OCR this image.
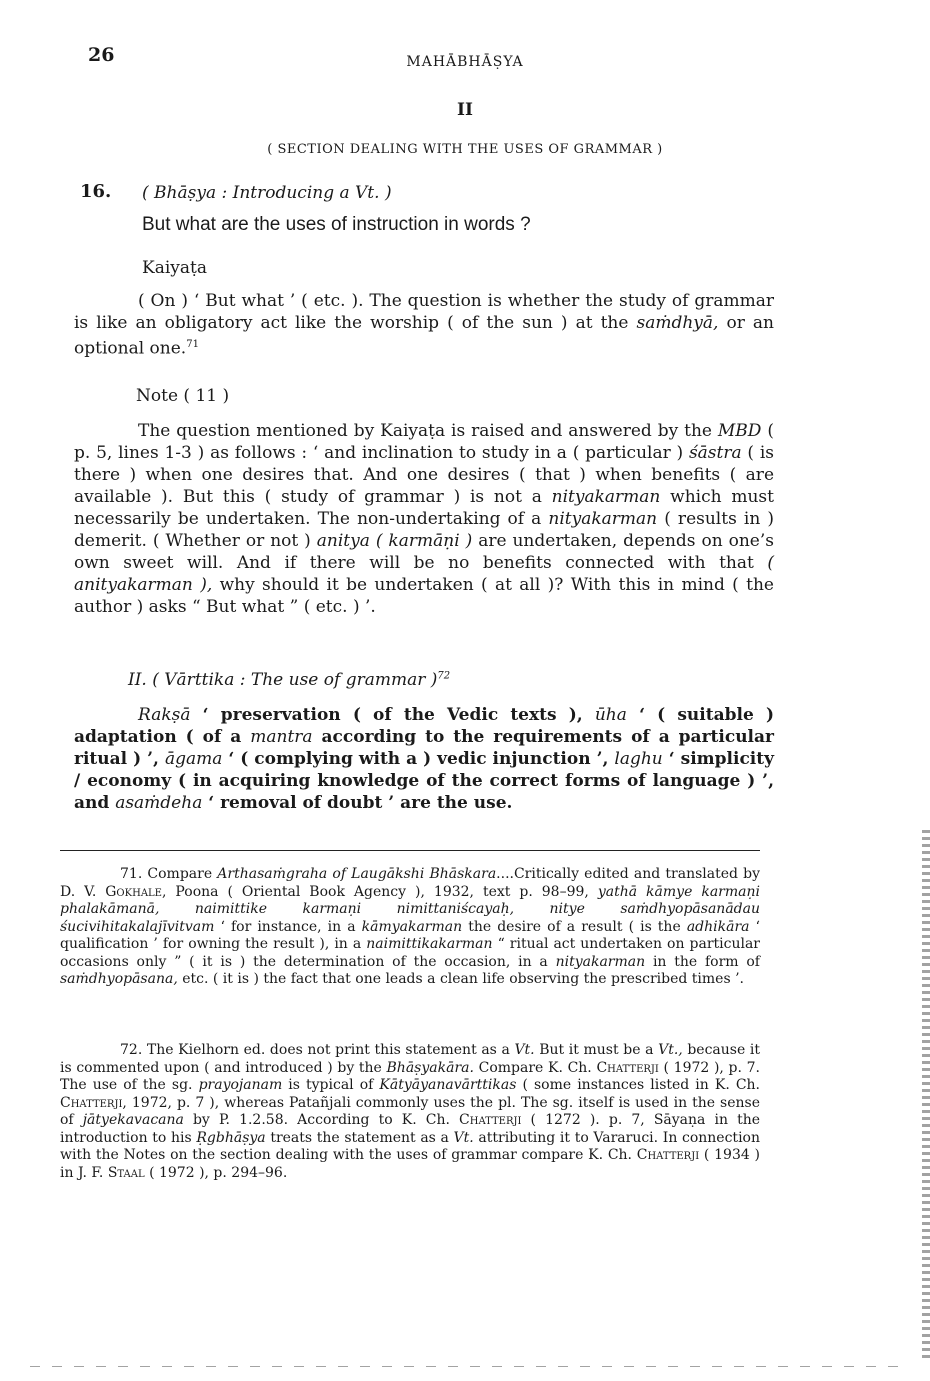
26	MAHĀBHĀṢYA
II
( SECTION DEALING WITH THE USES OF GRAMMAR )
16. ( Bhāṣya : Introducing a Vt. )
But what are the uses of instruction in words ?
Kaiyaṭa
( On ) ‘ But what ’ ( etc. ). The question is whether the study of grammar is like an obligatory act like the worship ( of the sun ) at the saṁdhyā, or an optional one.$^{71}$
Note ( 11 )
The question mentioned by Kaiyaṭa is raised and answered by the MBD ( p. 5, lines 1-3 ) as follows : ‘ and inclination to study in a ( particular ) śāstra ( is there ) when one desires that. And one desires ( that ) when benefits ( are available ). But this ( study of grammar ) is not a nityakarman which must necessarily be undertaken. The non-undertaking of a nityakarman ( results in ) demerit. ( Whether or not ) anitya ( karmāṇi ) are undertaken, depends on one’s own sweet will. And if there will be no benefits connected with that ( anityakarman ), why should it be undertaken ( at all )? With this in mind ( the author ) asks “ But what ” ( etc. ) ’.
II. ( Vārttika : The use of grammar )$^{72}$
Rakṣā ‘ preservation ( of the Vedic texts ), ūha ‘ ( suitable ) adaptation ( of a mantra according to the requirements of a particular ritual ) ’, āgama ‘ ( complying with a ) vedic injunction ’, laghu ‘ simplicity / economy ( in acquiring knowledge of the correct forms of language ) ’, and asaṁdeha ‘ removal of doubt ’ are the use.
71. Compare Arthasaṁgraha of Laugākshi Bhāskara....Critically edited and translated by D. V. Gokhale, Poona ( Oriental Book Agency ), 1932, text p. 98–99, yathā kāmye karmaṇi phalakāmanā, naimittike karmaṇi nimittaniścayaḥ, nitye saṁdhyopāsanādau śucivihitakalajīvitvam ‘ for instance, in a kāmyakarman the desire of a result ( is the adhikāra ‘ qualification ’ for owning the result ), in a naimittikakarman “ ritual act undertaken on particular occasions only ” ( it is ) the determination of the occasion, in a nityakarman in the form of saṁdhyopāsana, etc. ( it is ) the fact that one leads a clean life observing the prescribed times ’.
72. The Kielhorn ed. does not print this statement as a Vt. But it must be a Vt., because it is commented upon ( and introduced ) by the Bhāṣyakāra. Compare K. Ch. Chatterji ( 1972 ), p. 7. The use of the sg. prayojanam is typical of Kātyāyanavārttikas ( some instances listed in K. Ch. Chatterji, 1972, p. 7 ), whereas Patañjali commonly uses the pl. The sg. itself is used in the sense of jātyekavacana by P. 1.2.58. According to K. Ch. Chatterji ( 1272 ). p. 7, Sāyaṇa in the introduction to his Ṛgbhāṣya treats the statement as a Vt. attributing it to Vararuci. In connection with the Notes on the section dealing with the uses of grammar compare K. Ch. Chatterji ( 1934 ) in J. F. Staal ( 1972 ), p. 294–96.
